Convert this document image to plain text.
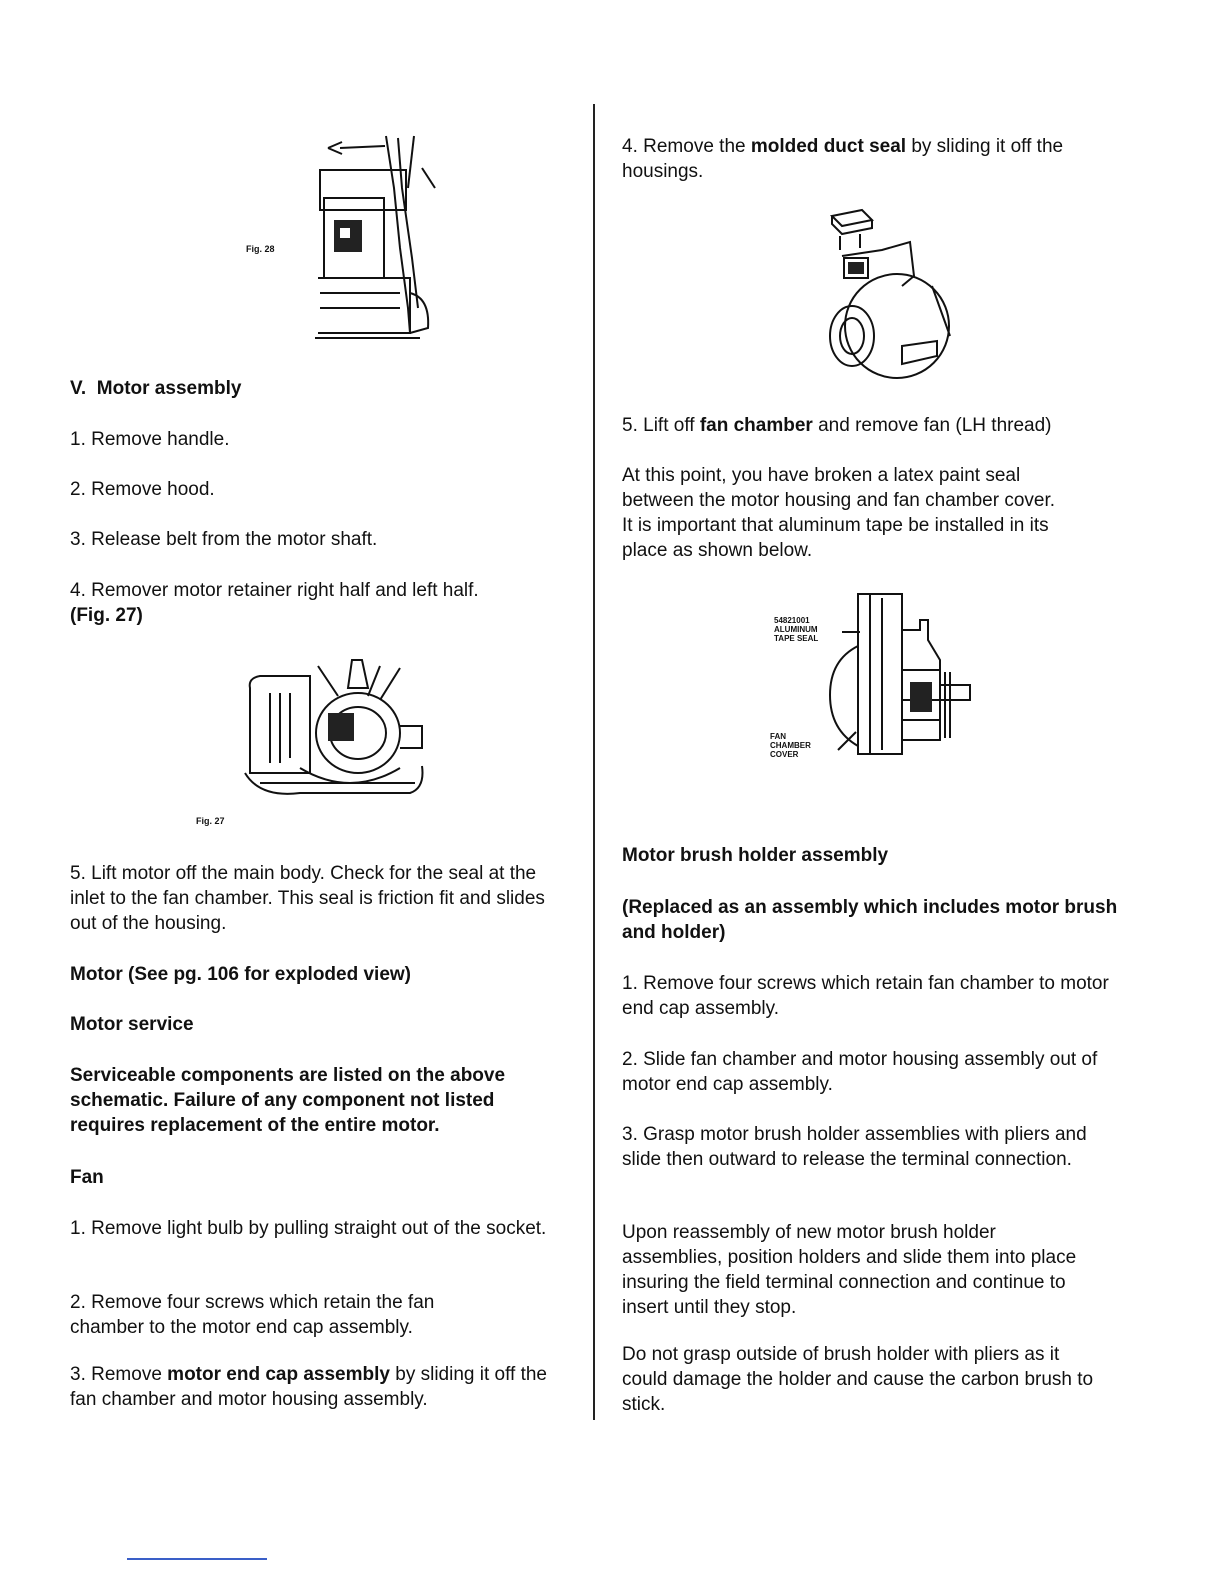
Fig. 28
V.  Motor assembly
1. Remove handle.
2. Remove hood.
3. Release belt from the motor shaft.
4. Remover motor retainer right half and left half.
(Fig. 27)
Fig. 27
5. Lift motor off the main body. Check for the seal at the inlet to the fan chamber. This seal is friction fit and slides out of the housing.
Motor (See pg. 106 for exploded view)
Motor service
Serviceable components are listed on the above schematic. Failure of any component not listed requires replacement of the entire motor.
Fan
1. Remove light bulb by pulling straight out of the socket.
2. Remove four screws which retain the fan chamber to the motor end cap assembly.
3. Remove motor end cap assembly by sliding it off the fan chamber and motor housing assembly.
4. Remove the molded duct seal by sliding it off the housings.
5. Lift off fan chamber and remove fan (LH thread)
At this point, you have broken a latex paint seal between the motor housing and fan chamber cover. It is important that aluminum tape be installed in its place as shown below.
54821001
ALUMINUM
TAPE SEAL
FAN
CHAMBER
COVER
Motor brush holder assembly
(Replaced as an assembly which includes motor brush and holder)
1. Remove four screws which retain fan chamber to motor end cap assembly.
2. Slide fan chamber and motor housing assembly out of motor end cap assembly.
3. Grasp motor brush holder assemblies with pliers and slide then outward to release the terminal connection.
Upon reassembly of new motor brush holder assemblies, position holders and slide them into place insuring the field terminal connection and continue to insert until they stop.
Do not grasp outside of brush holder with pliers as it could damage the holder and cause the carbon brush to stick.
